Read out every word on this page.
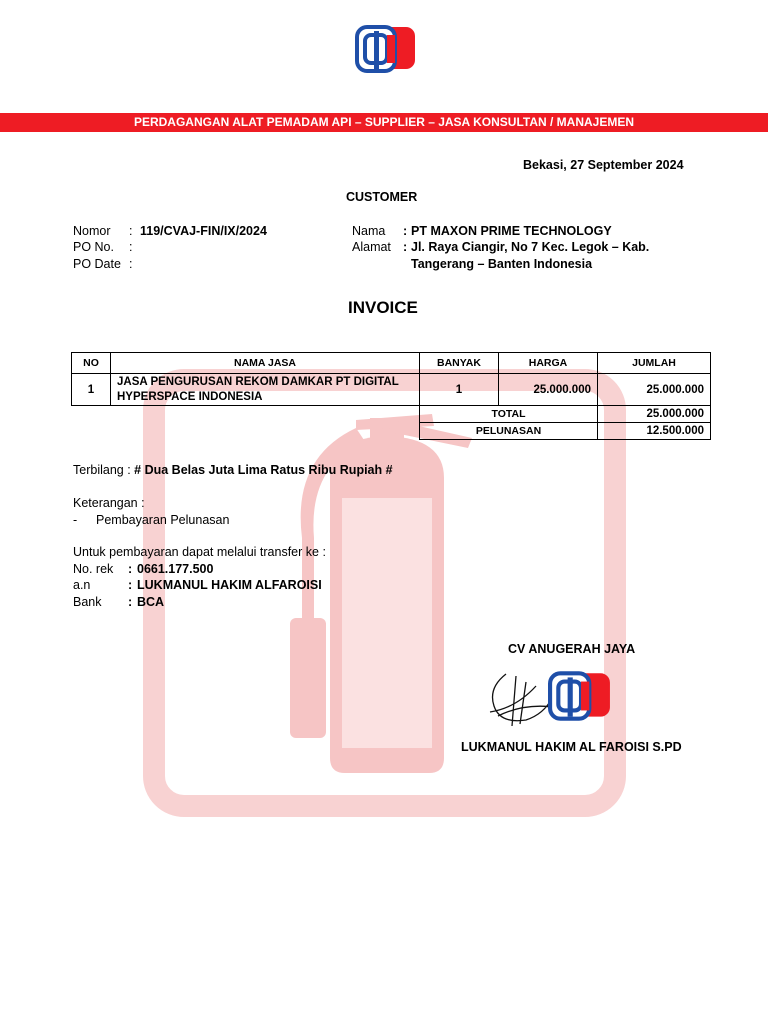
PERDAGANGAN ALAT PEMADAM API – SUPPLIER – JASA KONSULTAN / MANAJEMEN
Bekasi, 27 September 2024
CUSTOMER
Nomor : 119/CVAJ-FIN/IX/2024
PO No. :
PO Date :
Nama : PT MAXON PRIME TECHNOLOGY
Alamat : Jl. Raya Ciangir, No 7 Kec. Legok – Kab.
Tangerang – Banten Indonesia
INVOICE
NO	NAMA JASA	BANYAK	HARGA	JUMLAH
1	JASA PENGURUSAN REKOM DAMKAR PT DIGITAL
HYPERSPACE INDONESIA	1	25.000.000	25.000.000
		TOTAL		25.000.000
		PELUNASAN		12.500.000
Terbilang : # Dua Belas Juta Lima Ratus Ribu Rupiah #
Keterangan :
- Pembayaran Pelunasan
Untuk pembayaran dapat melalui transfer ke :
No. rek : 0661.177.500
a.n	: LUKMANUL HAKIM ALFAROISI
Bank : BCA
CV ANUGERAH JAYA
LUKMANUL HAKIM AL FAROISI S.PD
